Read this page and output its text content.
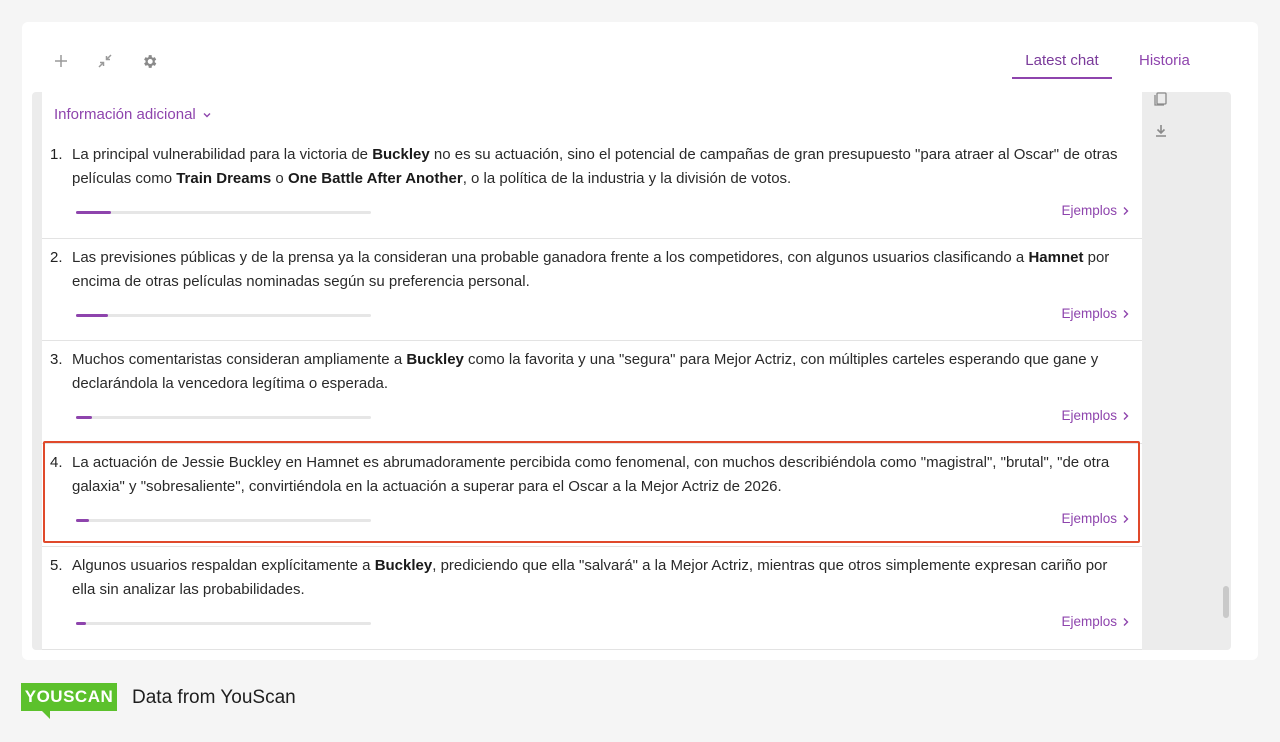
Latest chat	Historia
Información adicional
1. La principal vulnerabilidad para la victoria de Buckley no es su actuación, sino el potencial de campañas de gran presupuesto "para atraer al Oscar" de otras películas como Train Dreams o One Battle After Another, o la política de la industria y la división de votos.
Ejemplos
2. Las previsiones públicas y de la prensa ya la consideran una probable ganadora frente a los competidores, con algunos usuarios clasificando a Hamnet por encima de otras películas nominadas según su preferencia personal.
Ejemplos
3. Muchos comentaristas consideran ampliamente a Buckley como la favorita y una "segura" para Mejor Actriz, con múltiples carteles esperando que gane y declarándola la vencedora legítima o esperada.
Ejemplos
4. La actuación de Jessie Buckley en Hamnet es abrumadoramente percibida como fenomenal, con muchos describiéndola como "magistral", "brutal", "de otra galaxia" y "sobresaliente", convirtiéndola en la actuación a superar para el Oscar a la Mejor Actriz de 2026.
Ejemplos
5. Algunos usuarios respaldan explícitamente a Buckley, prediciendo que ella "salvará" a la Mejor Actriz, mientras que otros simplemente expresan cariño por ella sin analizar las probabilidades.
Ejemplos
YOUSCAN Data from YouScan
